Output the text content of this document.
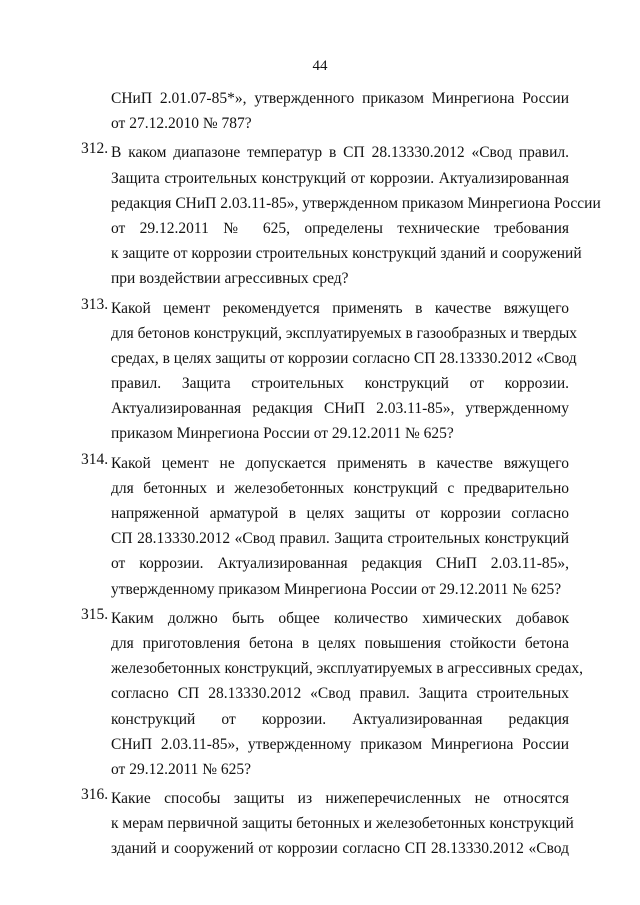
44
СНиП 2.01.07-85*», утвержденного приказом Минрегиона России
от 27.12.2010 № 787?
312. В каком диапазоне температур в СП 28.13330.2012 «Свод правил.
Защита строительных конструкций от коррозии. Актуализированная
редакция СНиП 2.03.11-85», утвержденном приказом Минрегиона России
от 29.12.2011 № 625, определены технические требования
к защите от коррозии строительных конструкций зданий и сооружений
при воздействии агрессивных сред?
313. Какой цемент рекомендуется применять в качестве вяжущего
для бетонов конструкций, эксплуатируемых в газообразных и твердых
средах, в целях защиты от коррозии согласно СП 28.13330.2012 «Свод
правил. Защита строительных конструкций от коррозии.
Актуализированная редакция СНиП 2.03.11-85», утвержденному
приказом Минрегиона России от 29.12.2011 № 625?
314. Какой цемент не допускается применять в качестве вяжущего
для бетонных и железобетонных конструкций с предварительно
напряженной арматурой в целях защиты от коррозии согласно
СП 28.13330.2012 «Свод правил. Защита строительных конструкций
от коррозии. Актуализированная редакция СНиП 2.03.11-85»,
утвержденному приказом Минрегиона России от 29.12.2011 № 625?
315. Каким должно быть общее количество химических добавок
для приготовления бетона в целях повышения стойкости бетона
железобетонных конструкций, эксплуатируемых в агрессивных средах,
согласно СП 28.13330.2012 «Свод правил. Защита строительных
конструкций от коррозии. Актуализированная редакция
СНиП 2.03.11-85», утвержденному приказом Минрегиона России
от 29.12.2011 № 625?
316. Какие способы защиты из нижеперечисленных не относятся
к мерам первичной защиты бетонных и железобетонных конструкций
зданий и сооружений от коррозии согласно СП 28.13330.2012 «Свод
